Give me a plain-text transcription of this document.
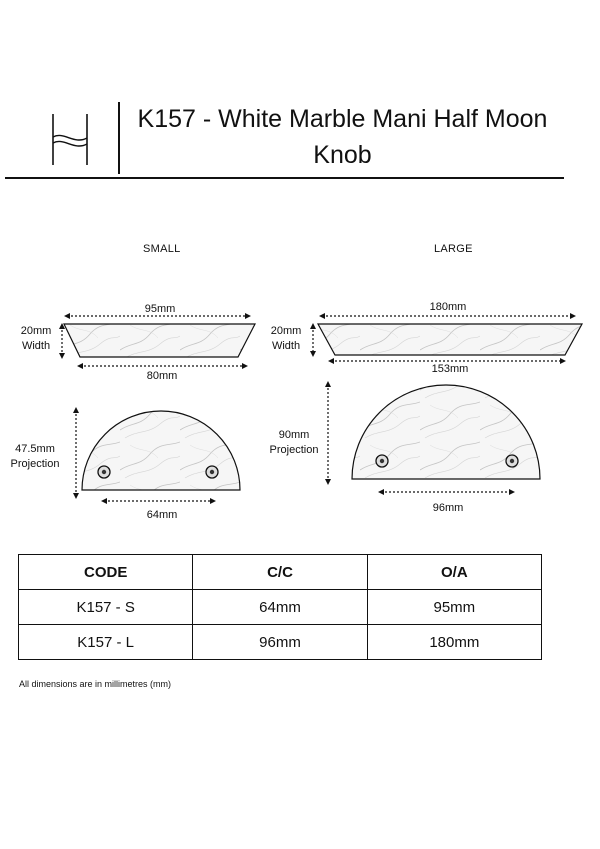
K157 - White Marble Mani Half Moon Knob
SMALL	LARGE
95mm
20mm
Width
80mm
47.5mm
Projection
64mm
180mm
20mm
Width
153mm
90mm
Projection
96mm
CODE	C/C	O/A
K157 - S	64mm	95mm
K157 - L	96mm	180mm
All dimensions are in millimetres (mm)
